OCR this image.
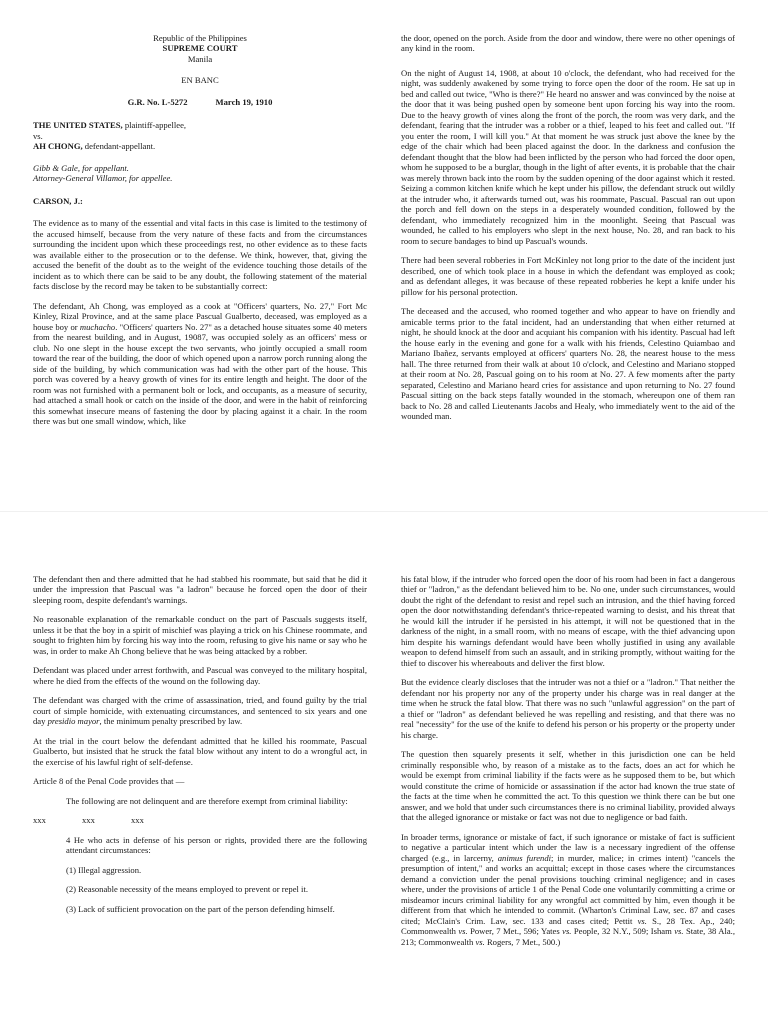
Republic of the Philippines

SUPREME COURT

Manila

EN BANC

G.R. No. L-5272	March 19, 1910

THE UNITED STATES, plaintiff-appellee,

vs.

AH CHONG, defendant-appellant.

Gibb & Gale, for appellant.

Attorney-General Villamor, for appellee.

CARSON, J.:

The evidence as to many of the essential and vital facts in this case is limited to the testimony of the accused himself, because from the very nature of these facts and from the circumstances surrounding the incident upon which these proceedings rest, no other evidence as to these facts was available either to the prosecution or to the defense. We think, however, that, giving the accused the benefit of the doubt as to the weight of the evidence touching those details of the incident as to which there can be said to be any doubt, the following statement of the material facts disclose by the record may be taken to be substantially correct:

The defendant, Ah Chong, was employed as a cook at "Officers' quarters, No. 27," Fort Mc Kinley, Rizal Province, and at the same place Pascual Gualberto, deceased, was employed as a house boy or muchacho. "Officers' quarters No. 27" as a detached house situates some 40 meters from the nearest building, and in August, 19087, was occupied solely as an officers' mess or club. No one slept in the house except the two servants, who jointly occupied a small room toward the rear of the building, the door of which opened upon a narrow porch running along the side of the building, by which communication was had with the other part of the house. This porch was covered by a heavy growth of vines for its entire length and height. The door of the room was not furnished with a permanent bolt or lock, and occupants, as a measure of security, had attached a small hook or catch on the inside of the door, and were in the habit of reinforcing this somewhat insecure means of fastening the door by placing against it a chair. In the room there was but one small window, which, like

the door, opened on the porch. Aside from the door and window, there were no other openings of any kind in the room.

On the night of August 14, 1908, at about 10 o'clock, the defendant, who had received for the night, was suddenly awakened by some trying to force open the door of the room. He sat up in bed and called out twice, "Who is there?" He heard no answer and was convinced by the noise at the door that it was being pushed open by someone bent upon forcing his way into the room. Due to the heavy growth of vines along the front of the porch, the room was very dark, and the defendant, fearing that the intruder was a robber or a thief, leaped to his feet and called out. "If you enter the room, I will kill you." At that moment he was struck just above the knee by the edge of the chair which had been placed against the door. In the darkness and confusion the defendant thought that the blow had been inflicted by the person who had forced the door open, whom he supposed to be a burglar, though in the light of after events, it is probable that the chair was merely thrown back into the room by the sudden opening of the door against which it rested. Seizing a common kitchen knife which he kept under his pillow, the defendant struck out wildly at the intruder who, it afterwards turned out, was his roommate, Pascual. Pascual ran out upon the porch and fell down on the steps in a desperately wounded condition, followed by the defendant, who immediately recognized him in the moonlight. Seeing that Pascual was wounded, he called to his employers who slept in the next house, No. 28, and ran back to his room to secure bandages to bind up Pascual's wounds.

There had been several robberies in Fort McKinley not long prior to the date of the incident just described, one of which took place in a house in which the defendant was employed as cook; and as defendant alleges, it was because of these repeated robberies he kept a knife under his pillow for his personal protection.

The deceased and the accused, who roomed together and who appear to have on friendly and amicable terms prior to the fatal incident, had an understanding that when either returned at night, he should knock at the door and acquiant his companion with his identity. Pascual had left the house early in the evening and gone for a walk with his friends, Celestino Quiambao and Mariano Ibañez, servants employed at officers' quarters No. 28, the nearest house to the mess hall. The three returned from their walk at about 10 o'clock, and Celestino and Mariano stopped at their room at No. 28, Pascual going on to his room at No. 27. A few moments after the party separated, Celestino and Mariano heard cries for assistance and upon returning to No. 27 found Pascual sitting on the back steps fatally wounded in the stomach, whereupon one of them ran back to No. 28 and called Lieutenants Jacobs and Healy, who immediately went to the aid of the wounded man.

The defendant then and there admitted that he had stabbed his roommate, but said that he did it under the impression that Pascual was "a ladron" because he forced open the door of their sleeping room, despite defendant's warnings.

No reasonable explanation of the remarkable conduct on the part of Pascuals suggests itself, unless it be that the boy in a spirit of mischief was playing a trick on his Chinese roommate, and sought to frighten him by forcing his way into the room, refusing to give his name or say who he was, in order to make Ah Chong believe that he was being attacked by a robber.

Defendant was placed under arrest forthwith, and Pascual was conveyed to the military hospital, where he died from the effects of the wound on the following day.

The defendant was charged with the crime of assassination, tried, and found guilty by the trial court of simple homicide, with extenuating circumstances, and sentenced to six years and one day presidio mayor, the minimum penalty prescribed by law.

At the trial in the court below the defendant admitted that he killed his roommate, Pascual Gualberto, but insisted that he struck the fatal blow without any intent to do a wrongful act, in the exercise of his lawful right of self-defense.

Article 8 of the Penal Code provides that —

The following are not delinquent and are therefore exempt from criminal liability:

xxx	xxx	xxx

4 He who acts in defense of his person or rights, provided there are the following attendant circumstances:

(1) Illegal aggression.

(2) Reasonable necessity of the means employed to prevent or repel it.

(3) Lack of sufficient provocation on the part of the person defending himself.

his fatal blow, if the intruder who forced open the door of his room had been in fact a dangerous thief or "ladron," as the defendant believed him to be. No one, under such circumstances, would doubt the right of the defendant to resist and repel such an intrusion, and the thief having forced open the door notwithstanding defendant's thrice-repeated warning to desist, and his threat that he would kill the intruder if he persisted in his attempt, it will not be questioned that in the darkness of the night, in a small room, with no means of escape, with the thief advancing upon him despite his warnings defendant would have been wholly justified in using any available weapon to defend himself from such an assault, and in striking promptly, without waiting for the thief to discover his whereabouts and deliver the first blow.

But the evidence clearly discloses that the intruder was not a thief or a "ladron." That neither the defendant nor his property nor any of the property under his charge was in real danger at the time when he struck the fatal blow. That there was no such "unlawful aggression" on the part of a thief or "ladron" as defendant believed he was repelling and resisting, and that there was no real "necessity" for the use of the knife to defend his person or his property or the property under his charge.

The question then squarely presents it self, whether in this jurisdiction one can be held criminally responsible who, by reason of a mistake as to the facts, does an act for which he would be exempt from criminal liability if the facts were as he supposed them to be, but which would constitute the crime of homicide or assassination if the actor had known the true state of the facts at the time when he committed the act. To this question we think there can be but one answer, and we hold that under such circumstances there is no criminal liability, provided always that the alleged ignorance or mistake or fact was not due to negligence or bad faith.

In broader terms, ignorance or mistake of fact, if such ignorance or mistake of fact is sufficient to negative a particular intent which under the law is a necessary ingredient of the offense charged (e.g., in larcerny, animus furendi; in murder, malice; in crimes intent) "cancels the presumption of intent," and works an acquittal; except in those cases where the circumstances demand a conviction under the penal provisions touching criminal negligence; and in cases where, under the provisions of article 1 of the Penal Code one voluntarily committing a crime or misdeamor incurs criminal liability for any wrongful act committed by him, even though it be different from that which he intended to commit. (Wharton's Criminal Law, sec. 87 and cases cited; McClain's Crim. Law, sec. 133 and cases cited; Pettit vs. S., 28 Tex. Ap., 240; Commonwealth vs. Power, 7 Met., 596; Yates vs. People, 32 N.Y., 509; Isham vs. State, 38 Ala., 213; Commonwealth vs. Rogers, 7 Met., 500.)
